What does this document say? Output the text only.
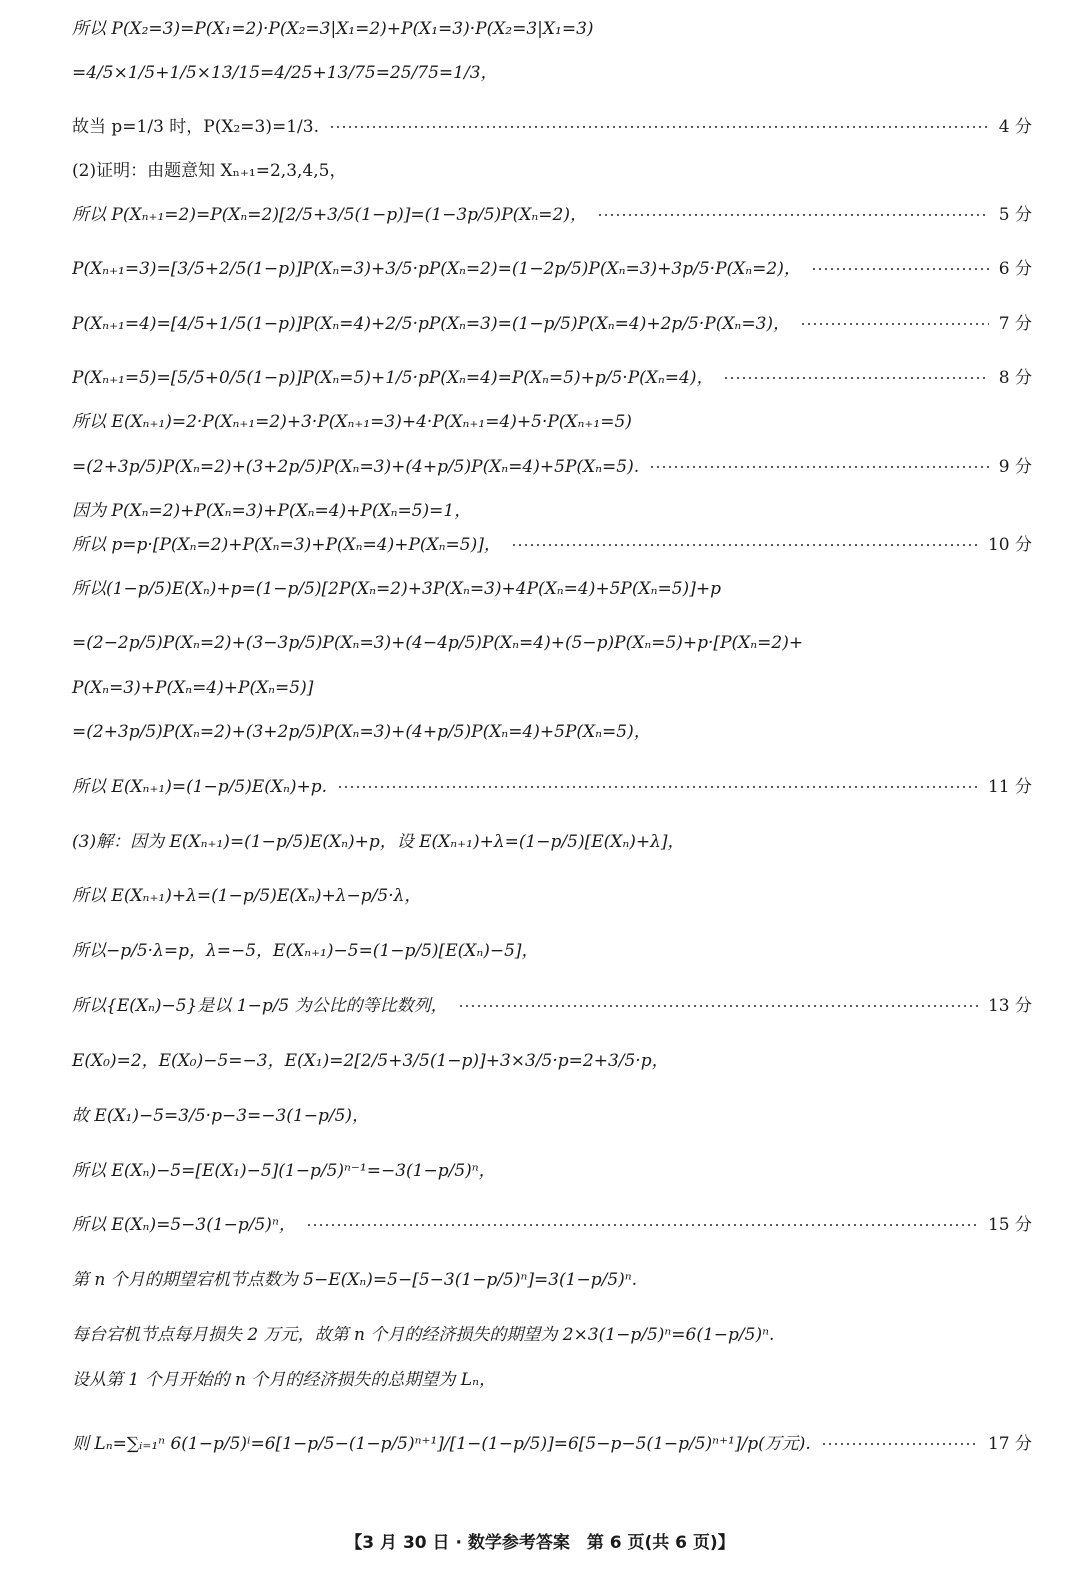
所以 P(X₂=3)=P(X₁=2)·P(X₂=3|X₁=2)+P(X₁=3)·P(X₂=3|X₁=3)
=4/5×1/5+1/5×13/15=4/25+13/75=25/75=1/3，
故当 p=1/3 时，P(X₂=3)=1/3.	4 分
(2)证明：由题意知 Xₙ₊₁=2,3,4,5，
所以 P(Xₙ₊₁=2)=P(Xₙ=2)[2/5+3/5(1−p)]=(1−3p/5)P(Xₙ=2)，	5 分
P(Xₙ₊₁=3)=[3/5+2/5(1−p)]P(Xₙ=3)+3/5·pP(Xₙ=2)=(1−2p/5)P(Xₙ=3)+3p/5·P(Xₙ=2)，	6 分
P(Xₙ₊₁=4)=[4/5+1/5(1−p)]P(Xₙ=4)+2/5·pP(Xₙ=3)=(1−p/5)P(Xₙ=4)+2p/5·P(Xₙ=3)，	7 分
P(Xₙ₊₁=5)=[5/5+0/5(1−p)]P(Xₙ=5)+1/5·pP(Xₙ=4)=P(Xₙ=5)+p/5·P(Xₙ=4)，	8 分
所以 E(Xₙ₊₁)=2·P(Xₙ₊₁=2)+3·P(Xₙ₊₁=3)+4·P(Xₙ₊₁=4)+5·P(Xₙ₊₁=5)
=(2+3p/5)P(Xₙ=2)+(3+2p/5)P(Xₙ=3)+(4+p/5)P(Xₙ=4)+5P(Xₙ=5).	9 分
因为 P(Xₙ=2)+P(Xₙ=3)+P(Xₙ=4)+P(Xₙ=5)=1，
所以 p=p·[P(Xₙ=2)+P(Xₙ=3)+P(Xₙ=4)+P(Xₙ=5)]，	10 分
所以(1−p/5)E(Xₙ)+p=(1−p/5)[2P(Xₙ=2)+3P(Xₙ=3)+4P(Xₙ=4)+5P(Xₙ=5)]+p
=(2−2p/5)P(Xₙ=2)+(3−3p/5)P(Xₙ=3)+(4−4p/5)P(Xₙ=4)+(5−p)P(Xₙ=5)+p·[P(Xₙ=2)+
P(Xₙ=3)+P(Xₙ=4)+P(Xₙ=5)]
=(2+3p/5)P(Xₙ=2)+(3+2p/5)P(Xₙ=3)+(4+p/5)P(Xₙ=4)+5P(Xₙ=5)，
所以 E(Xₙ₊₁)=(1−p/5)E(Xₙ)+p.	11 分
(3)解：因为 E(Xₙ₊₁)=(1−p/5)E(Xₙ)+p，设 E(Xₙ₊₁)+λ=(1−p/5)[E(Xₙ)+λ]，
所以 E(Xₙ₊₁)+λ=(1−p/5)E(Xₙ)+λ−p/5·λ，
所以−p/5·λ=p，λ=−5，E(Xₙ₊₁)−5=(1−p/5)[E(Xₙ)−5]，
所以{E(Xₙ)−5}是以 1−p/5 为公比的等比数列，	13 分
E(X₀)=2，E(X₀)−5=−3，E(X₁)=2[2/5+3/5(1−p)]+3×3/5·p=2+3/5·p，
故 E(X₁)−5=3/5·p−3=−3(1−p/5)，
所以 E(Xₙ)−5=[E(X₁)−5](1−p/5)ⁿ⁻¹=−3(1−p/5)ⁿ，
所以 E(Xₙ)=5−3(1−p/5)ⁿ，	15 分
第 n 个月的期望宕机节点数为 5−E(Xₙ)=5−[5−3(1−p/5)ⁿ]=3(1−p/5)ⁿ.
每台宕机节点每月损失 2 万元，故第 n 个月的经济损失的期望为 2×3(1−p/5)ⁿ=6(1−p/5)ⁿ.
设从第 1 个月开始的 n 个月的经济损失的总期望为 Lₙ，
则 Lₙ=∑ᵢ₌₁ⁿ 6(1−p/5)ⁱ=6[1−p/5−(1−p/5)ⁿ⁺¹]/[1−(1−p/5)]=6[5−p−5(1−p/5)ⁿ⁺¹]/p(万元).	17 分
【3 月 30 日 · 数学参考答案　第 6 页(共 6 页)】
